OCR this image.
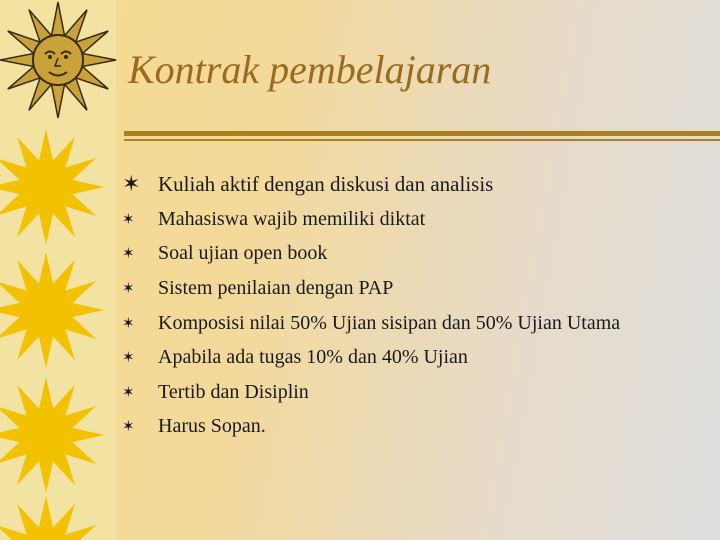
Kontrak pembelajaran
✶ Kuliah aktif dengan diskusi dan analisis
✶	Mahasiswa wajib memiliki diktat
✶	Soal ujian open book
✶	Sistem penilaian dengan PAP
✶	Komposisi nilai 50% Ujian sisipan dan 50% Ujian Utama
✶	Apabila ada tugas 10% dan 40% Ujian
✶	Tertib dan Disiplin
✶	Harus Sopan.
